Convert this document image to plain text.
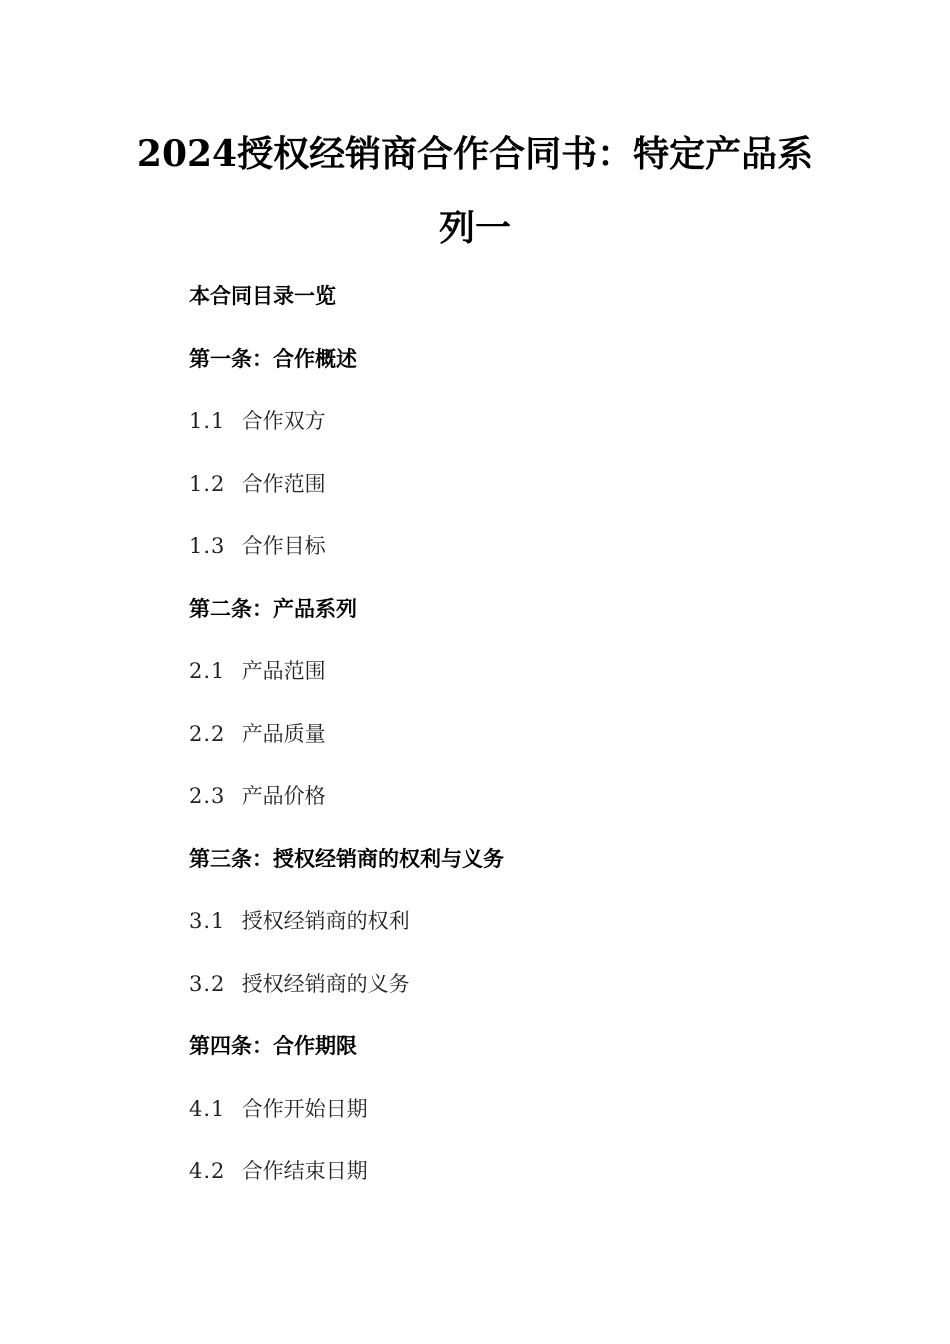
2024授权经销商合作合同书：特定产品系
列一
本合同目录一览
第一条：合作概述
1.1 合作双方
1.2 合作范围
1.3 合作目标
第二条：产品系列
2.1 产品范围
2.2 产品质量
2.3 产品价格
第三条：授权经销商的权利与义务
3.1 授权经销商的权利
3.2 授权经销商的义务
第四条：合作期限
4.1 合作开始日期
4.2 合作结束日期
